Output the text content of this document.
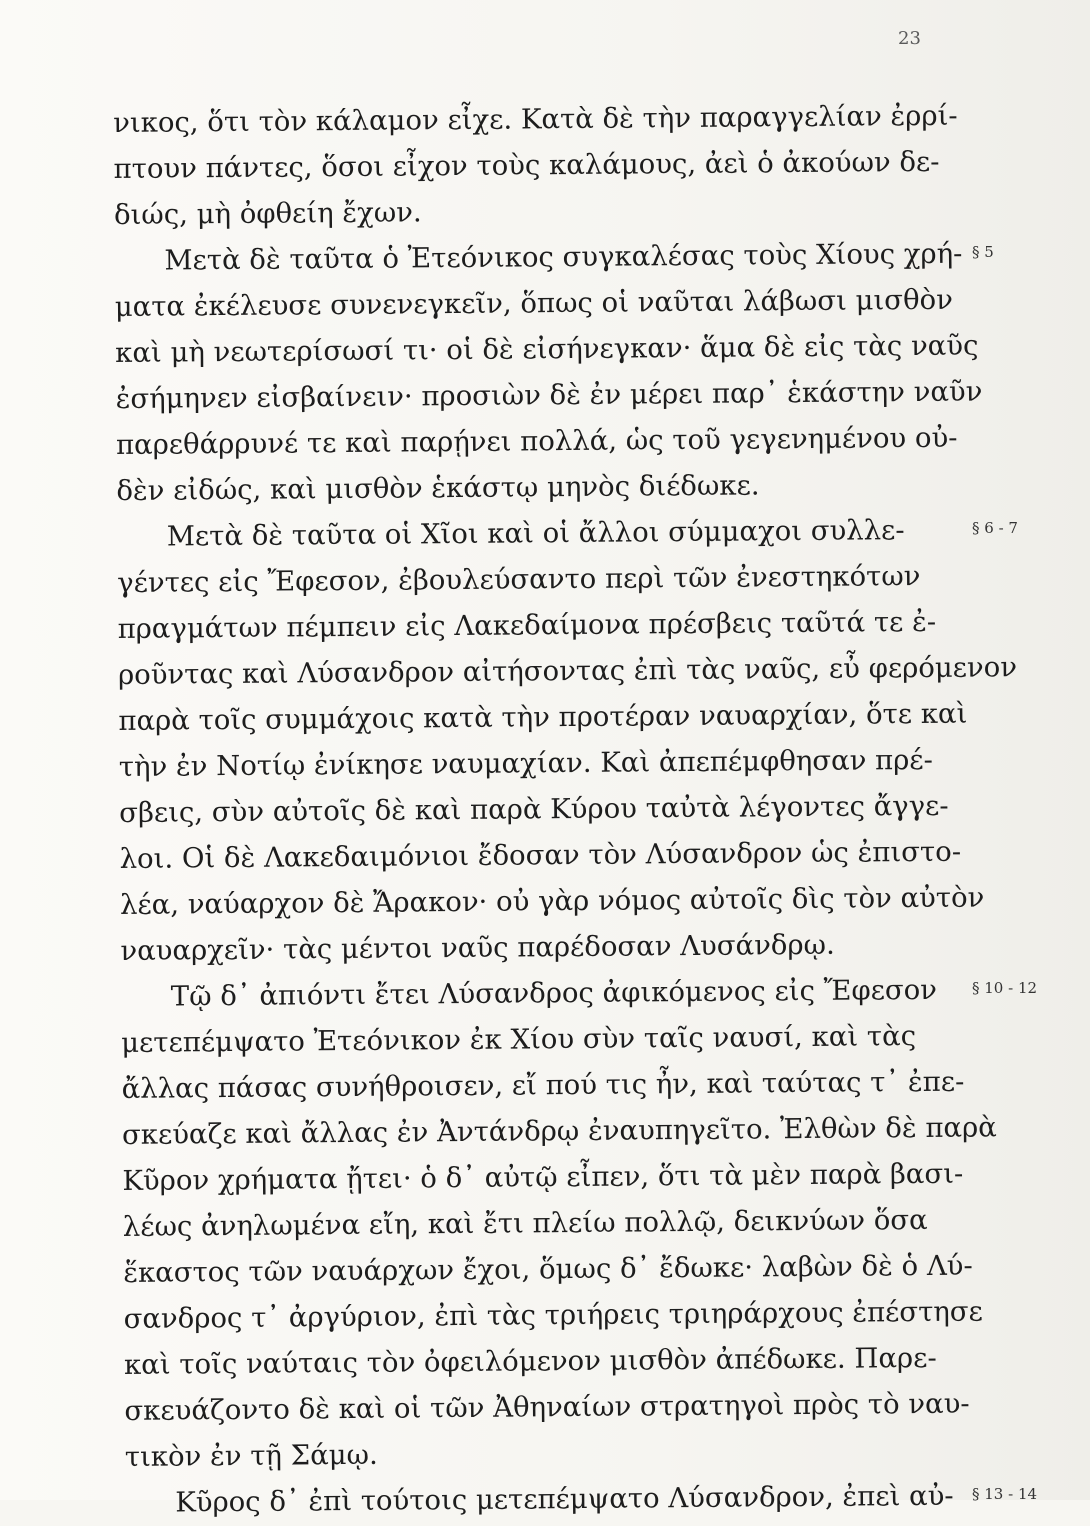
23
νικος, ὅτι τὸν κάλαμον εἶχε. Κατὰ δὲ τὴν παραγγελίαν ἐρρί-
πτουν πάντες, ὅσοι εἶχον τοὺς καλάμους, ἀεὶ ὁ ἀκούων δε-
διώς, μὴ ὀφθείη ἔχων.
Μετὰ δὲ ταῦτα ὁ Ἐτεόνικος συγκαλέσας τοὺς Χίους χρή-
ματα ἐκέλευσε συνενεγκεῖν, ὅπως οἱ ναῦται λάβωσι μισθὸν
καὶ μὴ νεωτερίσωσί τι· οἱ δὲ εἰσήνεγκαν· ἅμα δὲ εἰς τὰς ναῦς
ἐσήμηνεν εἰσβαίνειν· προσιὼν δὲ ἐν μέρει παρ᾽ ἑκάστην ναῦν
παρεθάρρυνέ τε καὶ παρῄνει πολλά, ὡς τοῦ γεγενημένου οὐ-
δὲν εἰδώς, καὶ μισθὸν ἑκάστῳ μηνὸς διέδωκε.
Μετὰ δὲ ταῦτα οἱ Χῖοι καὶ οἱ ἄλλοι σύμμαχοι συλλε-
γέντες εἰς Ἔφεσον, ἐβουλεύσαντο περὶ τῶν ἐνεστηκότων
πραγμάτων πέμπειν εἰς Λακεδαίμονα πρέσβεις ταῦτά τε ἐ-
ροῦντας καὶ Λύσανδρον αἰτήσοντας ἐπὶ τὰς ναῦς, εὖ φερόμενον
παρὰ τοῖς συμμάχοις κατὰ τὴν προτέραν ναυαρχίαν, ὅτε καὶ
τὴν ἐν Νοτίῳ ἐνίκησε ναυμαχίαν. Καὶ ἀπεπέμφθησαν πρέ-
σβεις, σὺν αὐτοῖς δὲ καὶ παρὰ Κύρου ταὐτὰ λέγοντες ἄγγε-
λοι. Οἱ δὲ Λακεδαιμόνιοι ἔδοσαν τὸν Λύσανδρον ὡς ἐπιστο-
λέα, ναύαρχον δὲ Ἄρακον· οὐ γὰρ νόμος αὐτοῖς δὶς τὸν αὐτὸν
ναυαρχεῖν· τὰς μέντοι ναῦς παρέδοσαν Λυσάνδρῳ.
Τῷ δ᾽ ἀπιόντι ἔτει Λύσανδρος ἀφικόμενος εἰς Ἔφεσον
μετεπέμψατο Ἐτεόνικον ἐκ Χίου σὺν ταῖς ναυσί, καὶ τὰς
ἄλλας πάσας συνήθροισεν, εἴ πού τις ἦν, καὶ ταύτας τ᾽ ἐπε-
σκεύαζε καὶ ἄλλας ἐν Ἀντάνδρῳ ἐναυπηγεῖτο. Ἐλθὼν δὲ παρὰ
Κῦρον χρήματα ᾔτει· ὁ δ᾽ αὐτῷ εἶπεν, ὅτι τὰ μὲν παρὰ βασι-
λέως ἀνηλωμένα εἴη, καὶ ἔτι πλείω πολλῷ, δεικνύων ὅσα
ἕκαστος τῶν ναυάρχων ἔχοι, ὅμως δ᾽ ἔδωκε· λαβὼν δὲ ὁ Λύ-
σανδρος τ᾽ ἀργύριον, ἐπὶ τὰς τριήρεις τριηράρχους ἐπέστησε
καὶ τοῖς ναύταις τὸν ὀφειλόμενον μισθὸν ἀπέδωκε. Παρε-
σκευάζοντο δὲ καὶ οἱ τῶν Ἀθηναίων στρατηγοὶ πρὸς τὸ ναυ-
τικὸν ἐν τῇ Σάμῳ.
Κῦρος δ᾽ ἐπὶ τούτοις μετεπέμψατο Λύσανδρον, ἐπεὶ αὐ-
§ 5
§ 6 - 7
§ 10 - 12
§ 13 - 14
